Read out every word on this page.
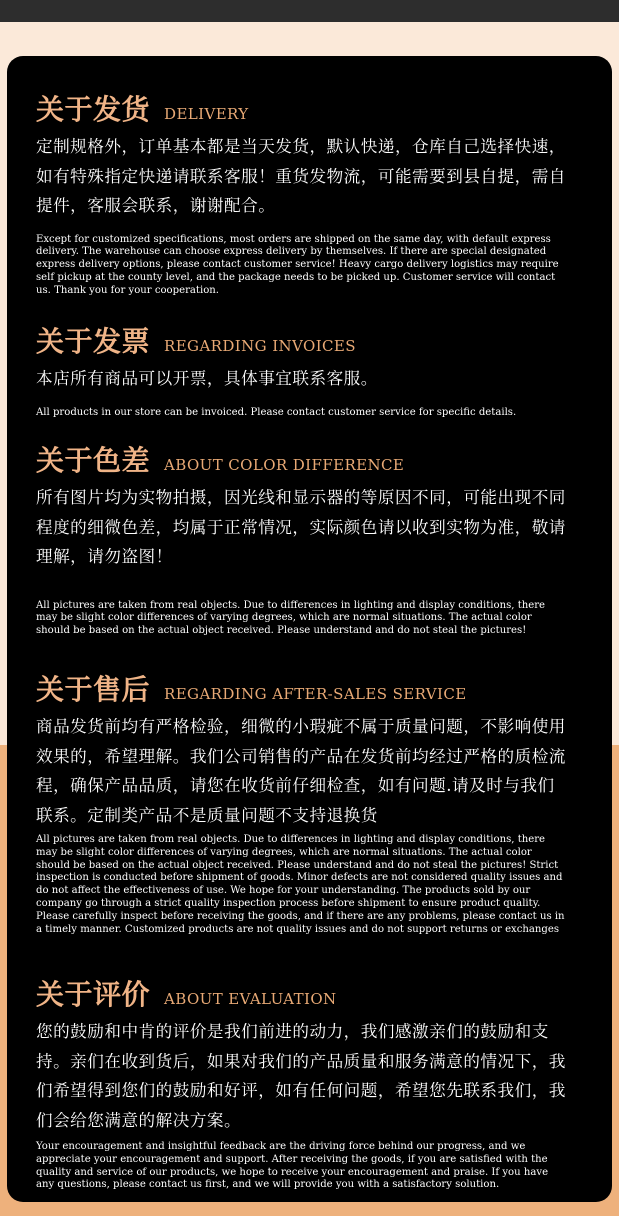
关于发货 DELIVERY

定制规格外，订单基本都是当天发货，默认快递，仓库自己选择快速，如有特殊指定快递请联系客服！重货发物流，可能需要到县自提，需自提件，客服会联系，谢谢配合。

Except for customized specifications, most orders are shipped on the same day, with default express delivery. The warehouse can choose express delivery by themselves. If there are special designated express delivery options, please contact customer service! Heavy cargo delivery logistics may require self pickup at the county level, and the package needs to be picked up. Customer service will contact us. Thank you for your cooperation.

关于发票 REGARDING INVOICES

本店所有商品可以开票，具体事宜联系客服。

All products in our store can be invoiced. Please contact customer service for specific details.

关于色差 ABOUT COLOR DIFFERENCE

所有图片均为实物拍摄，因光线和显示器的等原因不同，可能出现不同程度的细微色差，均属于正常情况，实际颜色请以收到实物为准，敬请理解，请勿盗图！

All pictures are taken from real objects. Due to differences in lighting and display conditions, there may be slight color differences of varying degrees, which are normal situations. The actual color should be based on the actual object received. Please understand and do not steal the pictures!

关于售后 REGARDING AFTER-SALES SERVICE

商品发货前均有严格检验，细微的小瑕疵不属于质量问题，不影响使用效果的，希望理解。我们公司销售的产品在发货前均经过严格的质检流程，确保产品品质，请您在收货前仔细检查，如有问题.请及时与我们联系。定制类产品不是质量问题不支持退换货

All pictures are taken from real objects. Due to differences in lighting and display conditions, there may be slight color differences of varying degrees, which are normal situations. The actual color should be based on the actual object received. Please understand and do not steal the pictures! Strict inspection is conducted before shipment of goods. Minor defects are not considered quality issues and do not affect the effectiveness of use. We hope for your understanding. The products sold by our company go through a strict quality inspection process before shipment to ensure product quality. Please carefully inspect before receiving the goods, and if there are any problems, please contact us in a timely manner. Customized products are not quality issues and do not support returns or exchanges

关于评价 ABOUT EVALUATION

您的鼓励和中肯的评价是我们前进的动力，我们感激亲们的鼓励和支持。亲们在收到货后，如果对我们的产品质量和服务满意的情况下，我们希望得到您们的鼓励和好评，如有任何问题，希望您先联系我们，我们会给您满意的解决方案。

Your encouragement and insightful feedback are the driving force behind our progress, and we appreciate your encouragement and support. After receiving the goods, if you are satisfied with the quality and service of our products, we hope to receive your encouragement and praise. If you have any questions, please contact us first, and we will provide you with a satisfactory solution.
